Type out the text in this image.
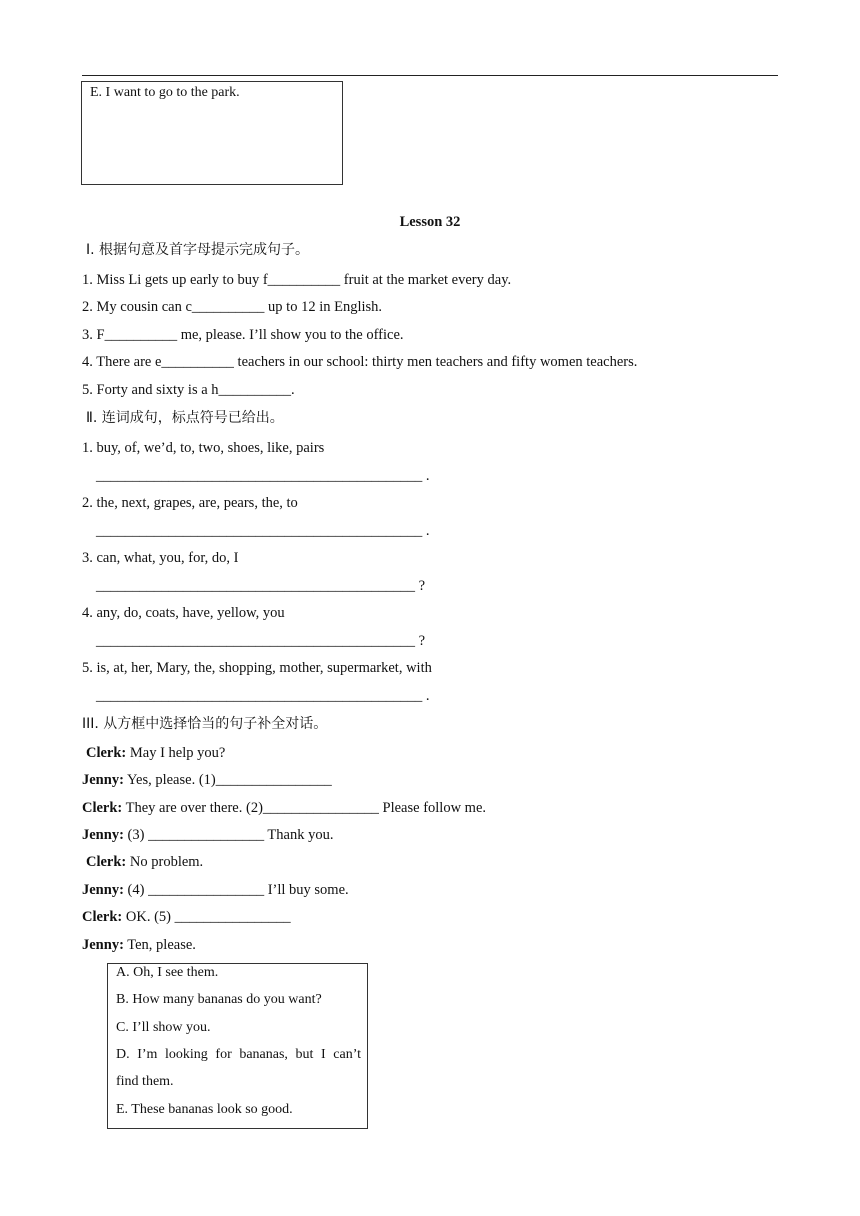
E. I want to go to the park.
Lesson 32
Ⅰ. 根据句意及首字母提示完成句子。
1. Miss Li gets up early to buy f__________ fruit at the market every day.
2. My cousin can c__________ up to 12 in English.
3. F__________ me, please. I’ll show you to the office.
4. There are e__________ teachers in our school: thirty men teachers and fifty women teachers.
5. Forty and sixty is a h__________.
Ⅱ. 连词成句，标点符号已给出。
1. buy, of, we’d, to, two, shoes, like, pairs
_____________________________________________ .
2. the, next, grapes, are, pears, the, to
_____________________________________________ .
3. can, what, you, for, do, I
____________________________________________ ?
4. any, do, coats, have, yellow, you
____________________________________________ ?
5. is, at, her, Mary, the, shopping, mother, supermarket, with
_____________________________________________ .
III. 从方框中选择恰当的句子补全对话。
Clerk: May I help you?
Jenny: Yes, please. (1)________________
Clerk: They are over there. (2)________________ Please follow me.
Jenny: (3) ________________ Thank you.
Clerk: No problem.
Jenny: (4) ________________ I’ll buy some.
Clerk: OK. (5) ________________
Jenny: Ten, please.
A. Oh, I see them.
B. How many bananas do you want?
C. I’ll show you.
D. I’m looking for bananas, but I can’t
find them.
E. These bananas look so good.
